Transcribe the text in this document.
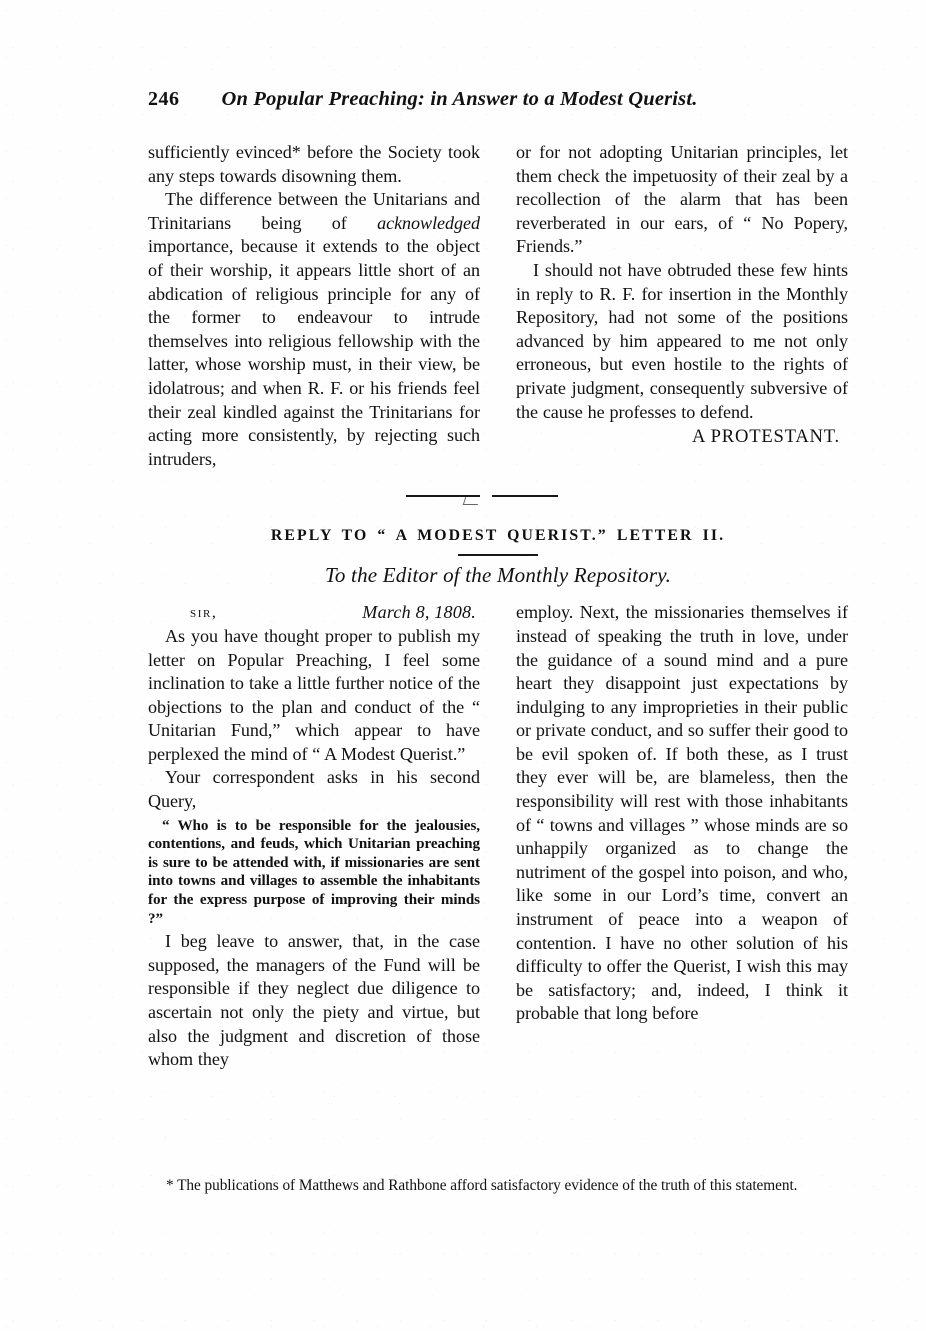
246 On Popular Preaching: in Answer to a Modest Querist.

sufficiently evinced* before the Society took any steps towards disowning them.

The difference between the Unitarians and Trinitarians being of acknowledged importance, because it extends to the object of their worship, it appears little short of an abdication of religious principle for any of the former to endeavour to intrude themselves into religious fellowship with the latter, whose worship must, in their view, be idolatrous; and when R. F. or his friends feel their zeal kindled against the Trinitarians for acting more consistently, by rejecting such intruders,

or for not adopting Unitarian principles, let them check the impetuosity of their zeal by a recollection of the alarm that has been reverberated in our ears, of “ No Popery, Friends.”

I should not have obtruded these few hints in reply to R. F. for insertion in the Monthly Repository, had not some of the positions advanced by him appeared to me not only erroneous, but even hostile to the rights of private judgment, consequently subversive of the cause he professes to defend.

A PROTESTANT.
REPLY TO “ A MODEST QUERIST.” LETTER II.
To the Editor of the Monthly Repository.
sir,	March 8, 1808.

As you have thought proper to publish my letter on Popular Preaching, I feel some inclination to take a little further notice of the objections to the plan and conduct of the “ Unitarian Fund,” which appear to have perplexed the mind of “ A Modest Querist.”

Your correspondent asks in his second Query,

“ Who is to be responsible for the jealousies, contentions, and feuds, which Unitarian preaching is sure to be attended with, if missionaries are sent into towns and villages to assemble the inhabitants for the express purpose of improving their minds ?”

I beg leave to answer, that, in the case supposed, the managers of the Fund will be responsible if they neglect due diligence to ascertain not only the piety and virtue, but also the judgment and discretion of those whom they

employ. Next, the missionaries themselves if instead of speaking the truth in love, under the guidance of a sound mind and a pure heart they disappoint just expectations by indulging to any improprieties in their public or private conduct, and so suffer their good to be evil spoken of. If both these, as I trust they ever will be, are blameless, then the responsibility will rest with those inhabitants of “ towns and villages ” whose minds are so unhappily organized as to change the nutriment of the gospel into poison, and who, like some in our Lord’s time, convert an instrument of peace into a weapon of contention. I have no other solution of his difficulty to offer the Querist, I wish this may be satisfactory; and, indeed, I think it probable that long before

* The publications of Matthews and Rathbone afford satisfactory evidence of the truth of this statement.
